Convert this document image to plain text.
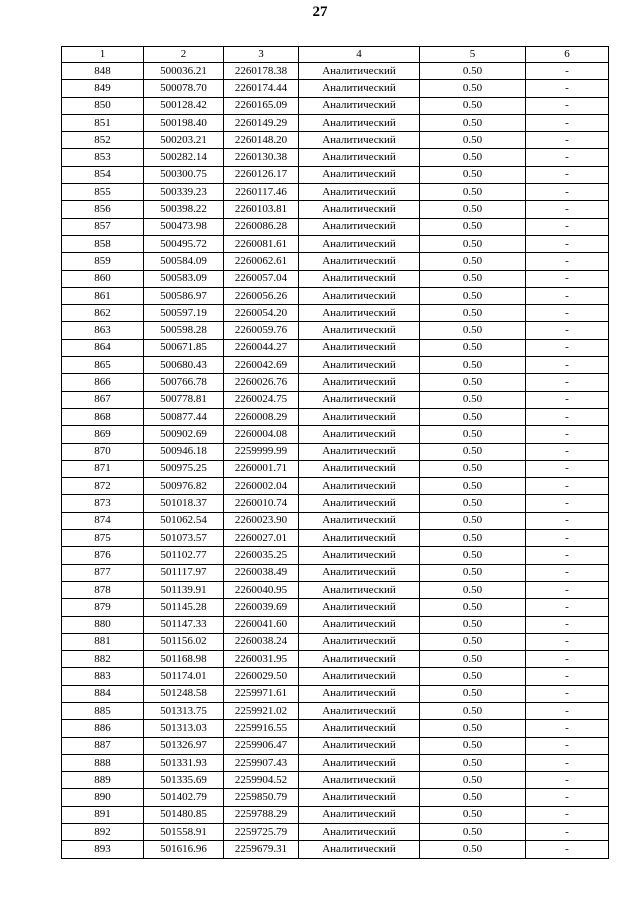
27
1	2	3	4	5	6
848	500036.21	2260178.38	Аналитический	0.50	-
849	500078.70	2260174.44	Аналитический	0.50	-
850	500128.42	2260165.09	Аналитический	0.50	-
851	500198.40	2260149.29	Аналитический	0.50	-
852	500203.21	2260148.20	Аналитический	0.50	-
853	500282.14	2260130.38	Аналитический	0.50	-
854	500300.75	2260126.17	Аналитический	0.50	-
855	500339.23	2260117.46	Аналитический	0.50	-
856	500398.22	2260103.81	Аналитический	0.50	-
857	500473.98	2260086.28	Аналитический	0.50	-
858	500495.72	2260081.61	Аналитический	0.50	-
859	500584.09	2260062.61	Аналитический	0.50	-
860	500583.09	2260057.04	Аналитический	0.50	-
861	500586.97	2260056.26	Аналитический	0.50	-
862	500597.19	2260054.20	Аналитический	0.50	-
863	500598.28	2260059.76	Аналитический	0.50	-
864	500671.85	2260044.27	Аналитический	0.50	-
865	500680.43	2260042.69	Аналитический	0.50	-
866	500766.78	2260026.76	Аналитический	0.50	-
867	500778.81	2260024.75	Аналитический	0.50	-
868	500877.44	2260008.29	Аналитический	0.50	-
869	500902.69	2260004.08	Аналитический	0.50	-
870	500946.18	2259999.99	Аналитический	0.50	-
871	500975.25	2260001.71	Аналитический	0.50	-
872	500976.82	2260002.04	Аналитический	0.50	-
873	501018.37	2260010.74	Аналитический	0.50	-
874	501062.54	2260023.90	Аналитический	0.50	-
875	501073.57	2260027.01	Аналитический	0.50	-
876	501102.77	2260035.25	Аналитический	0.50	-
877	501117.97	2260038.49	Аналитический	0.50	-
878	501139.91	2260040.95	Аналитический	0.50	-
879	501145.28	2260039.69	Аналитический	0.50	-
880	501147.33	2260041.60	Аналитический	0.50	-
881	501156.02	2260038.24	Аналитический	0.50	-
882	501168.98	2260031.95	Аналитический	0.50	-
883	501174.01	2260029.50	Аналитический	0.50	-
884	501248.58	2259971.61	Аналитический	0.50	-
885	501313.75	2259921.02	Аналитический	0.50	-
886	501313.03	2259916.55	Аналитический	0.50	-
887	501326.97	2259906.47	Аналитический	0.50	-
888	501331.93	2259907.43	Аналитический	0.50	-
889	501335.69	2259904.52	Аналитический	0.50	-
890	501402.79	2259850.79	Аналитический	0.50	-
891	501480.85	2259788.29	Аналитический	0.50	-
892	501558.91	2259725.79	Аналитический	0.50	-
893	501616.96	2259679.31	Аналитический	0.50	-
